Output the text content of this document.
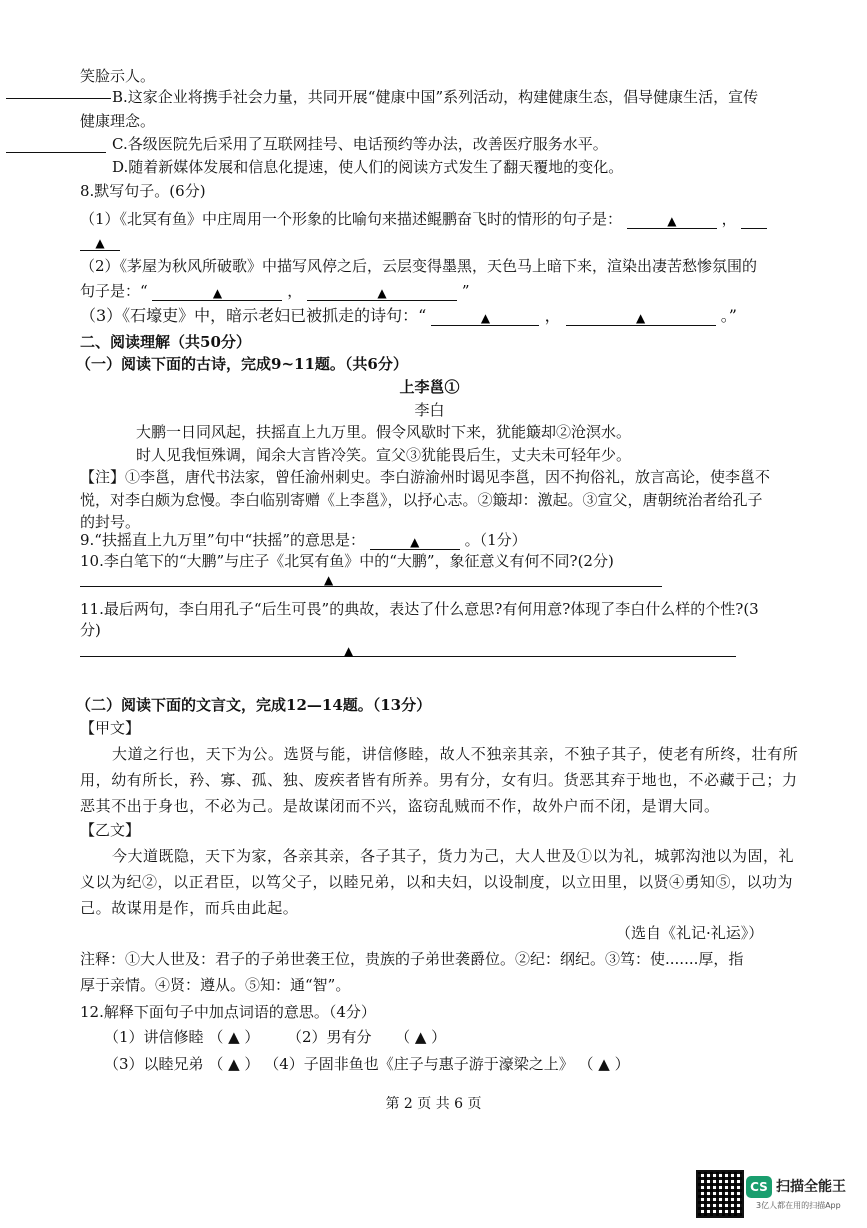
笑脸示人。
B.这家企业将携手社会力量，共同开展“健康中国”系列活动，构建健康生态，倡导健康生活，宣传
健康理念。
C.各级医院先后采用了互联网挂号、电话预约等办法，改善医疗服务水平。
D.随着新媒体发展和信息化提速，使人们的阅读方式发生了翻天覆地的变化。
8.默写句子。(6分)
（1）《北冥有鱼》中庄周用一个形象的比喻句来描述鲲鹏奋飞时的情形的句子是：	▲	，
▲
（2）《茅屋为秋风所破歌》中描写风停之后，云层变得墨黑，天色马上暗下来，渲染出凄苦愁惨氛围的
句子是：“	▲	，	▲	”
（3）《石壕吏》中，暗示老妇已被抓走的诗句：“	▲	，	▲	。”
二、阅读理解（共50分）
（一）阅读下面的古诗，完成9~11题。（共6分）
上李邕①
李白
大鹏一日同风起，扶摇直上九万里。假令风歇时下来，犹能簸却②沧溟水。
时人见我恒殊调，闻余大言皆冷笑。宣父③犹能畏后生，丈夫未可轻年少。
【注】①李邕，唐代书法家，曾任渝州刺史。李白游渝州时谒见李邕，因不拘俗礼，放言高论，使李邕不
悦，对李白颇为怠慢。李白临别寄赠《上李邕》，以抒心志。②簸却：激起。③宣父，唐朝统治者给孔子
的封号。
9.“扶摇直上九万里”句中“扶摇”的意思是：	▲	。（1分）
10.李白笔下的“大鹏”与庄子《北冥有鱼》中的“大鹏”，象征意义有何不同?(2分)
▲
11.最后两句，李白用孔子“后生可畏”的典故，表达了什么意思?有何用意?体现了李白什么样的个性?(3
分)
▲
（二）阅读下面的文言文，完成12—14题。（13分）
【甲文】
大道之行也，天下为公。选贤与能，讲信修睦，故人不独亲其亲，不独子其子，使老有所终，壮有所
用，幼有所长，矜、寡、孤、独、废疾者皆有所养。男有分，女有归。货恶其弃于地也，不必藏于己；力
恶其不出于身也，不必为己。是故谋闭而不兴，盗窃乱贼而不作，故外户而不闭，是谓大同。
【乙文】
今大道既隐，天下为家，各亲其亲，各子其子，货力为己，大人世及①以为礼，城郭沟池以为固，礼
义以为纪②，以正君臣，以笃父子，以睦兄弟，以和夫妇，以设制度，以立田里，以贤④勇知⑤，以功为
己。故谋用是作，而兵由此起。
（选自《礼记·礼运》）
注释：①大人世及：君子的子弟世袭王位，贵族的子弟世袭爵位。②纪：纲纪。③笃：使.......厚，指
厚于亲情。④贤：遵从。⑤知：通“智”。
12.解释下面句子中加点词语的意思。（4分）
（1）讲信修睦 （ ▲ ） （2）男有分 （ ▲ ）
（3）以睦兄弟 （ ▲ ） （4）子固非鱼也《庄子与惠子游于濠梁之上》 （ ▲ ）
第 2 页 共 6 页
CS 扫描全能王
3亿人都在用的扫描App
